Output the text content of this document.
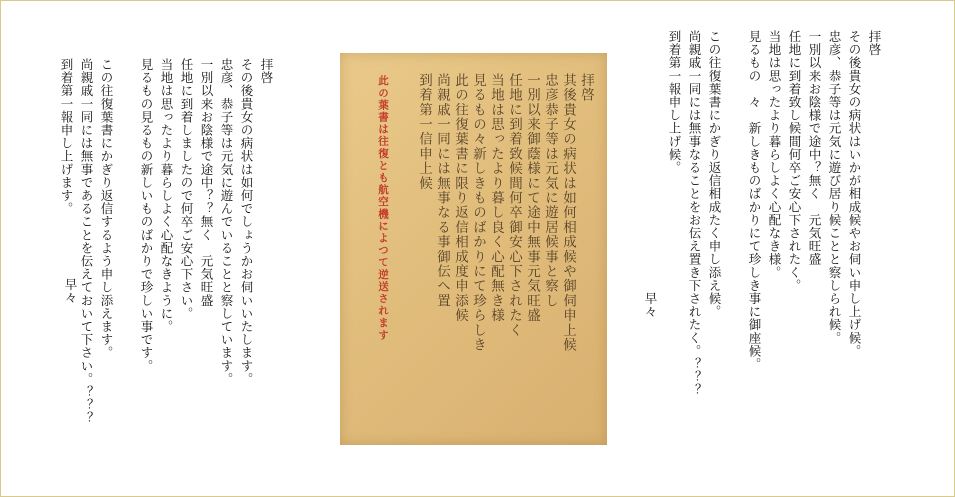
拝啓
その後貴女の病状は如何でしょうかお伺いいたします。
忠彦、恭子等は元気に遊んでいることと察しています。
一別以来お陰様で途中？？無く　元気旺盛
任地に到着しましたので何卒ご安心下さい。
当地は思ったより暮らしよく心配なきように。
見るもの見るもの新しいものばかりで珍しい事です。

この往復葉書にかぎり返信するよう申し添えます。
尚親戚一同には無事であることを伝えておいて下さい。？？？
到着第一報申し上げます。
早々	此の葉書は往復とも航空機によつて逆送されます	拝啓
其後貴女の病状は如何相成候や御伺申上候
忠彦恭子等は元気に遊居候事と察し
一別以来御蔭様にて途中無事元気旺盛
任地に到着致候間何卒御安心下されたく
当地は思ったより暮し良く心配無き様
見るもの々新しきものばかりにて珍らしき
此の往復葉書に限り返信相成度申添候
尚親戚一同には無事なる事御伝へ置
到着第一信申上候
拝啓
その後貴女の病状はいかが相成候やお伺い申し上げ候。
忠彦、恭子等は元気に遊び居り候ことと察しられ候。
一別以来お陰様で途中？無く　元気旺盛
任地に到着致し候間何卒ご安心下されたく。
当地は思ったより暮らしよく心配なき様。
見るもの　々　新しきものばかりにて珍しき事に御座候。

この往復葉書にかぎり返信相成たく申し添え候。
尚親戚一同には無事なることをお伝え置き下されたく。？？？
到着第一報申し上げ候。
早々
